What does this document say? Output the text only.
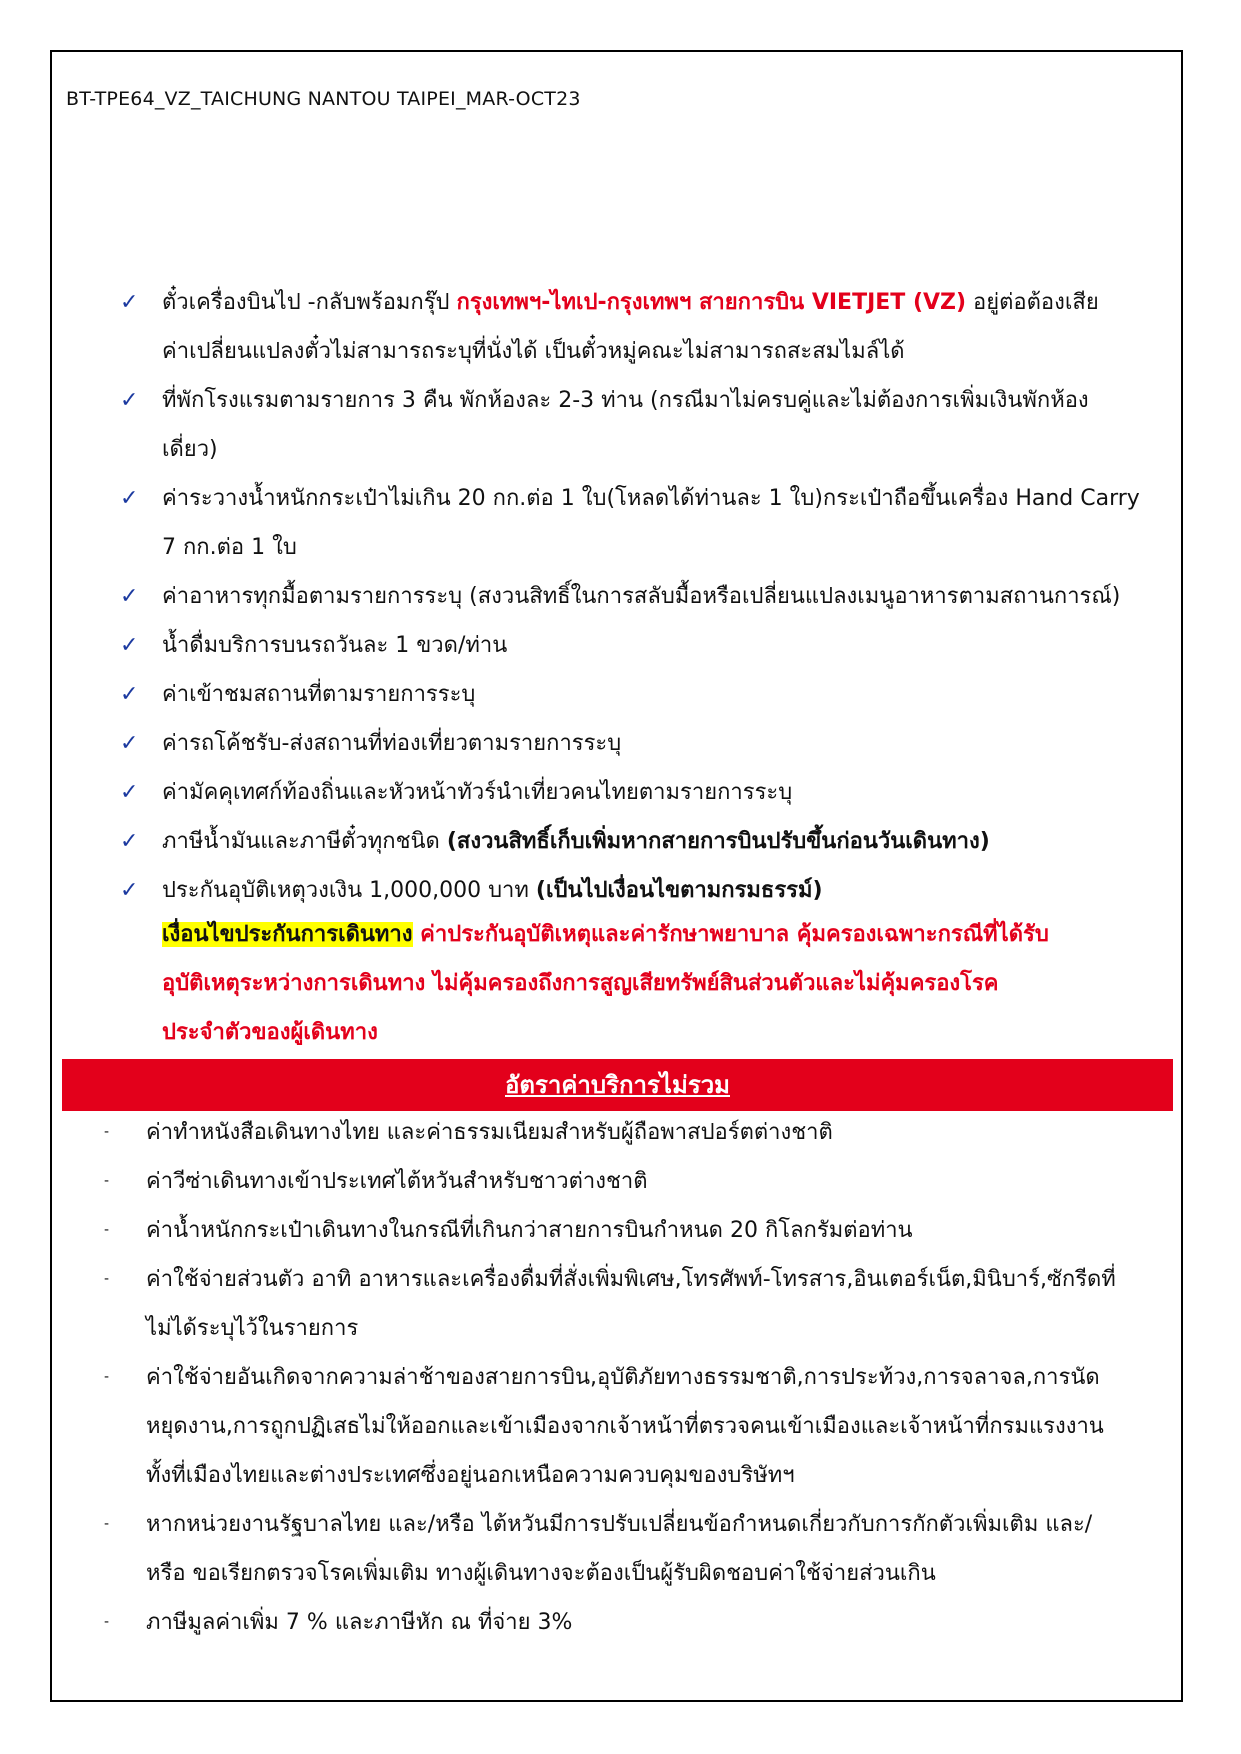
BT-TPE64_VZ_TAICHUNG NANTOU TAIPEI_MAR-OCT23
✓ ตั๋วเครื่องบินไป -กลับพร้อมกรุ๊ป กรุงเทพฯ-ไทเป-กรุงเทพฯ สายการบิน VIETJET (VZ) อยู่ต่อต้องเสีย
ค่าเปลี่ยนแปลงตั๋วไม่สามารถระบุที่นั่งได้ เป็นตั๋วหมู่คณะไม่สามารถสะสมไมล์ได้
✓ ที่พักโรงแรมตามรายการ 3 คืน พักห้องละ 2-3 ท่าน (กรณีมาไม่ครบคู่และไม่ต้องการเพิ่มเงินพักห้อง
เดี่ยว)
✓ ค่าระวางน้ำหนักกระเป๋าไม่เกิน 20 กก.ต่อ 1 ใบ(โหลดได้ท่านละ 1 ใบ)กระเป๋าถือขึ้นเครื่อง Hand Carry
7 กก.ต่อ 1 ใบ
✓ ค่าอาหารทุกมื้อตามรายการระบุ (สงวนสิทธิ์ในการสลับมื้อหรือเปลี่ยนแปลงเมนูอาหารตามสถานการณ์)
✓ น้ำดื่มบริการบนรถวันละ 1 ขวด/ท่าน
✓ ค่าเข้าชมสถานที่ตามรายการระบุ
✓ ค่ารถโค้ชรับ-ส่งสถานที่ท่องเที่ยวตามรายการระบุ
✓ ค่ามัคคุเทศก์ท้องถิ่นและหัวหน้าทัวร์นำเที่ยวคนไทยตามรายการระบุ
✓ ภาษีน้ำมันและภาษีตั๋วทุกชนิด (สงวนสิทธิ์เก็บเพิ่มหากสายการบินปรับขึ้นก่อนวันเดินทาง)
✓ ประกันอุบัติเหตุวงเงิน 1,000,000 บาท (เป็นไปเงื่อนไขตามกรมธรรม์)
เงื่อนไขประกันการเดินทาง ค่าประกันอุบัติเหตุและค่ารักษาพยาบาล คุ้มครองเฉพาะกรณีที่ได้รับ
อุบัติเหตุระหว่างการเดินทาง ไม่คุ้มครองถึงการสูญเสียทรัพย์สินส่วนตัวและไม่คุ้มครองโรค
ประจำตัวของผู้เดินทาง
อัตราค่าบริการไม่รวม
- ค่าทำหนังสือเดินทางไทย และค่าธรรมเนียมสำหรับผู้ถือพาสปอร์ตต่างชาติ
- ค่าวีซ่าเดินทางเข้าประเทศไต้หวันสำหรับชาวต่างชาติ
- ค่าน้ำหนักกระเป๋าเดินทางในกรณีที่เกินกว่าสายการบินกำหนด 20 กิโลกรัมต่อท่าน
- ค่าใช้จ่ายส่วนตัว อาทิ อาหารและเครื่องดื่มที่สั่งเพิ่มพิเศษ,โทรศัพท์-โทรสาร,อินเตอร์เน็ต,มินิบาร์,ซักรีดที่
ไม่ได้ระบุไว้ในรายการ
- ค่าใช้จ่ายอันเกิดจากความล่าช้าของสายการบิน,อุบัติภัยทางธรรมชาติ,การประท้วง,การจลาจล,การนัด
หยุดงาน,การถูกปฏิเสธไม่ให้ออกและเข้าเมืองจากเจ้าหน้าที่ตรวจคนเข้าเมืองและเจ้าหน้าที่กรมแรงงาน
ทั้งที่เมืองไทยและต่างประเทศซึ่งอยู่นอกเหนือความควบคุมของบริษัทฯ
- หากหน่วยงานรัฐบาลไทย และ/หรือ ไต้หวันมีการปรับเปลี่ยนข้อกำหนดเกี่ยวกับการกักตัวเพิ่มเติม และ/
หรือ ขอเรียกตรวจโรคเพิ่มเติม ทางผู้เดินทางจะต้องเป็นผู้รับผิดชอบค่าใช้จ่ายส่วนเกิน
- ภาษีมูลค่าเพิ่ม 7 % และภาษีหัก ณ ที่จ่าย 3%
